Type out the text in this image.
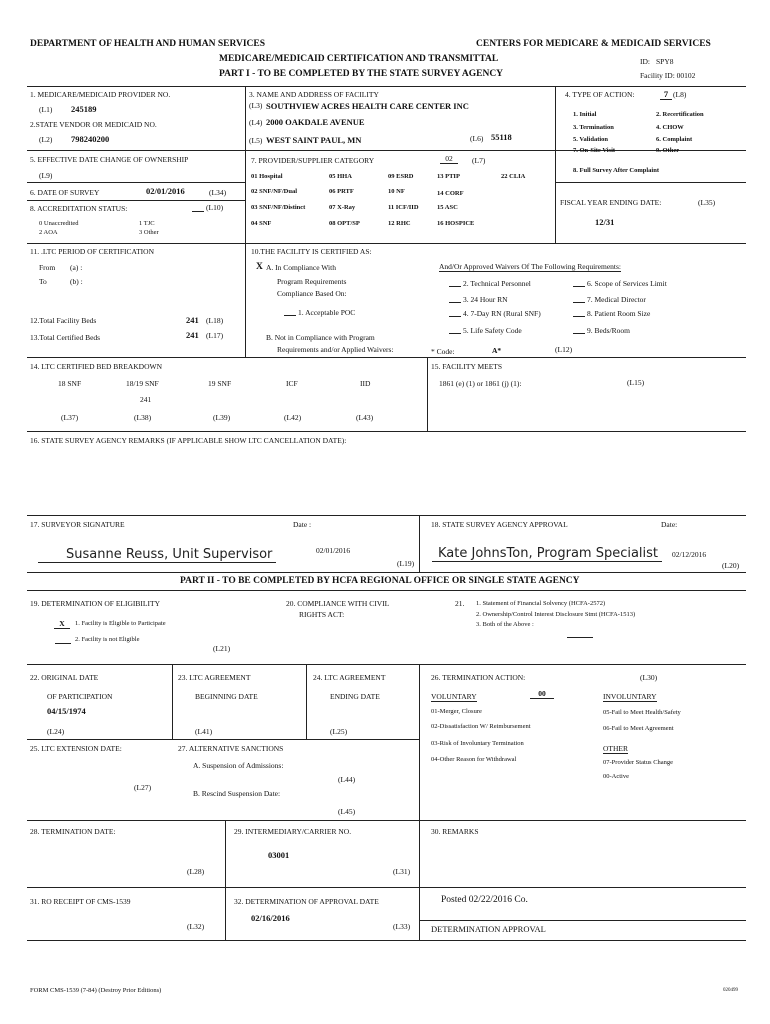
DEPARTMENT OF HEALTH AND HUMAN SERVICES	CENTERS FOR MEDICARE & MEDICAID SERVICES
MEDICARE/MEDICAID CERTIFICATION AND TRANSMITTAL
PART I - TO BE COMPLETED BY THE STATE SURVEY AGENCY
ID: SPY8
Facility ID: 00102
1. MEDICARE/MEDICAID PROVIDER NO.
(L1) 245189
2.STATE VENDOR OR MEDICAID NO.
(L2) 798240200
3. NAME AND ADDRESS OF FACILITY
(L3) SOUTHVIEW ACRES HEALTH CARE CENTER INC
(L4) 2000 OAKDALE AVENUE
(L5) WEST SAINT PAUL, MN	(L6) 55118
4. TYPE OF ACTION:	7 (L8)
1. Initial	2. Recertification
3. Termination	4. CHOW
5. Validation	6. Complaint
7. On-Site Visit	9. Other
8. Full Survey After Complaint
5. EFFECTIVE DATE CHANGE OF OWNERSHIP
(L9)
6. DATE OF SURVEY	02/01/2016	(L34)
8. ACCREDITATION STATUS:	(L10)
0 Unaccredited	1 TJC
2 AOA	3 Other
7. PROVIDER/SUPPLIER CATEGORY	02	(L7)
01 Hospital	05 HHA	09 ESRD	13 PTIP	22 CLIA
02 SNF/NF/Dual	06 PRTF	10 NF	14 CORF
03 SNF/NF/Distinct	07 X-Ray	11 ICF/IID	15 ASC
04 SNF	08 OPT/SP	12 RHC	16 HOSPICE
FISCAL YEAR ENDING DATE:	(L35)
12/31
11. .LTC PERIOD OF CERTIFICATION
From (a) :
To	(b) :
12.Total Facility Beds	241 (L18)
13.Total Certified Beds	241 (L17)
10.THE FACILITY IS CERTIFIED AS:
X A. In Compliance With
Program Requirements
Compliance Based On:
1. Acceptable POC
B. Not in Compliance with Program
Requirements and/or Applied Waivers:
And/Or Approved Waivers Of The Following Requirements:
2. Technical Personnel
3. 24 Hour RN
4. 7-Day RN (Rural SNF)
5. Life Safety Code
6. Scope of Services Limit
7. Medical Director
8. Patient Room Size
9. Beds/Room
* Code:	A*	(L12)
14. LTC CERTIFIED BED BREAKDOWN
18 SNF	18/19 SNF	19 SNF	ICF	IID
241
(L37)	(L38)	(L39)	(L42)	(L43)
15. FACILITY MEETS
1861 (e) (1) or 1861 (j) (1):	(L15)
16. STATE SURVEY AGENCY REMARKS (IF APPLICABLE SHOW LTC CANCELLATION DATE):
17. SURVEYOR SIGNATURE	Date :
Susanne Reuss, Unit Supervisor	02/01/2016
(L19)
18. STATE SURVEY AGENCY APPROVAL	Date:
Kate JohnsTon, Program Specialist	02/12/2016
(L20)
PART II - TO BE COMPLETED BY HCFA REGIONAL OFFICE OR SINGLE STATE AGENCY
19. DETERMINATION OF ELIGIBILITY
X	1. Facility is Eligible to Participate
2. Facility is not Eligible
(L21)
20. COMPLIANCE WITH CIVIL
RIGHTS ACT:
21. 1. Statement of Financial Solvency (HCFA-2572)
2. Ownership/Control Interest Disclosure Stmt (HCFA-1513)
3. Both of the Above :
22. ORIGINAL DATE
OF PARTICIPATION
04/15/1974
(L24)
23. LTC AGREEMENT
BEGINNING DATE
(L41)
24. LTC AGREEMENT
ENDING DATE
(L25)
25. LTC EXTENSION DATE:
(L27)
27. ALTERNATIVE SANCTIONS
A. Suspension of Admissions:
(L44)
B. Rescind Suspension Date:
(L45)
26. TERMINATION ACTION:	(L30)
VOLUNTARY	00	INVOLUNTARY
01-Merger, Closure
02-Dissatisfaction W/ Reimbursement
03-Risk of Involuntary Termination
04-Other Reason for Withdrawal
05-Fail to Meet Health/Safety
06-Fail to Meet Agreement
OTHER
07-Provider Status Change
00-Active
28. TERMINATION DATE:
(L28)
29. INTERMEDIARY/CARRIER NO.
03001
(L31)
30. REMARKS
31. RO RECEIPT OF CMS-1539
(L32)
32. DETERMINATION OF APPROVAL DATE
02/16/2016
(L33)
Posted 02/22/2016 Co.
DETERMINATION APPROVAL
FORM CMS-1539 (7-84) (Destroy Prior Editions)	020499
